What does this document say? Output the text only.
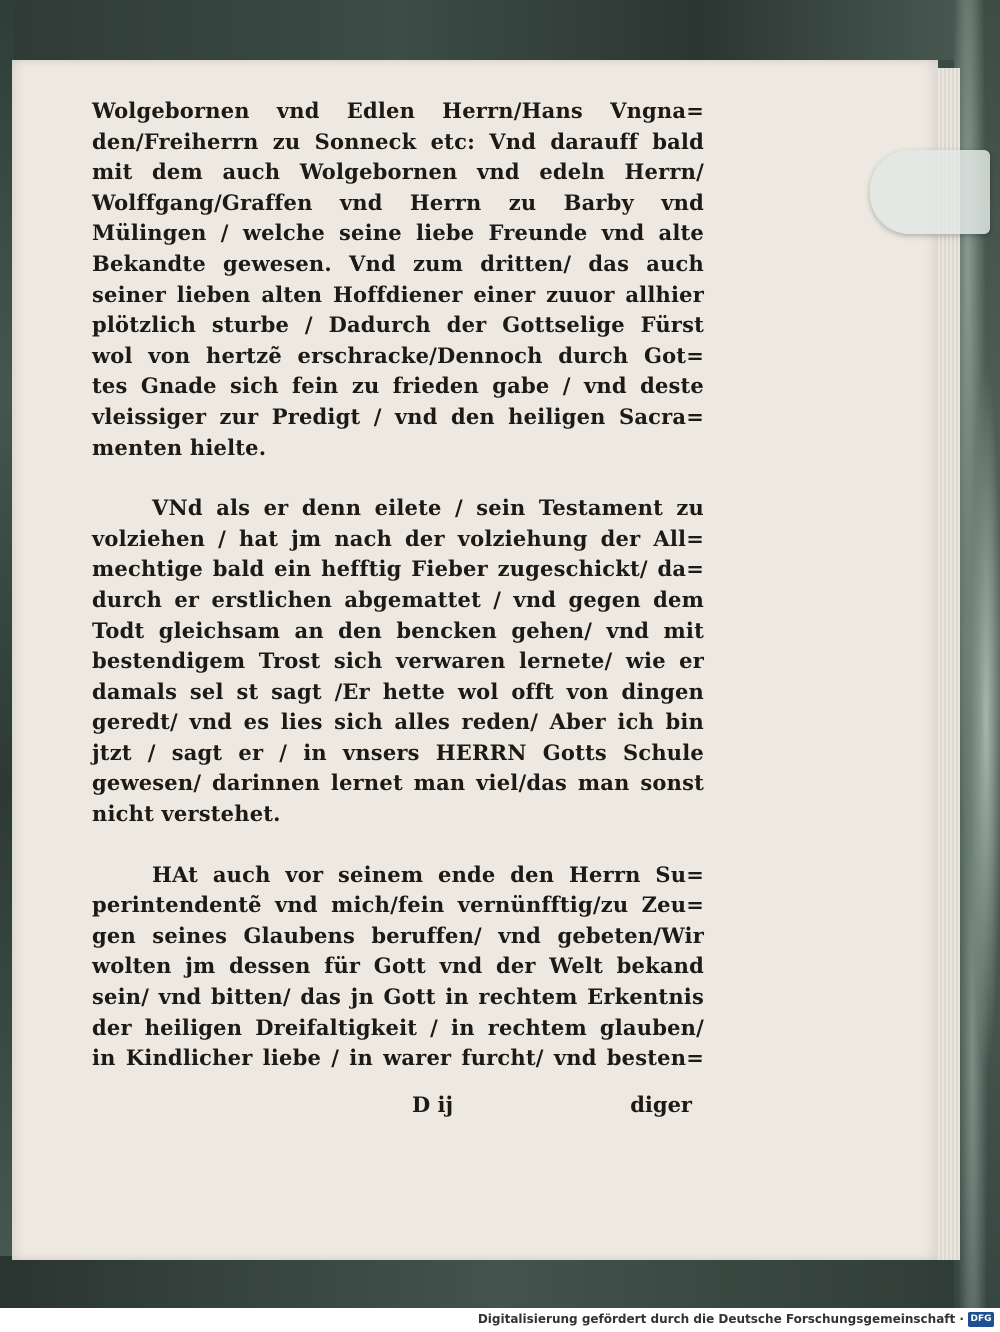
Wolgebornen vnd Edlen Herrn/Hans Vngna=
den/Freiherrn zu Sonneck etc: Vnd darauff bald
mit dem auch Wolgebornen vnd edeln Herrn/
Wolffgang/Graffen vnd Herrn zu Barby vnd
Mülingen / welche seine liebe Freunde vnd alte
Bekandte gewesen. Vnd zum dritten/ das auch
seiner lieben alten Hoffdiener einer zuuor allhier
plötzlich sturbe / Dadurch der Gottselige Fürst
wol von hertzẽ erschracke/Dennoch durch Got=
tes Gnade sich fein zu frieden gabe / vnd deste
vleissiger zur Predigt / vnd den heiligen Sacra=
menten hielte.
VNd als er denn eilete / sein Testament zu
volziehen / hat jm nach der volziehung der All=
mechtige bald ein hefftig Fieber zugeschickt/ da=
durch er erstlichen abgemattet / vnd gegen dem
Todt gleichsam an den bencken gehen/ vnd mit
bestendigem Trost sich verwaren lernete/ wie er
damals sel st sagt /Er hette wol offt von dingen
geredt/ vnd es lies sich alles reden/ Aber ich bin
jtzt / sagt er / in vnsers HERRN Gotts Schule
gewesen/ darinnen lernet man viel/das man sonst
nicht verstehet.
HAt auch vor seinem ende den Herrn Su=
perintendentẽ vnd mich/fein vernünfftig/zu Zeu=
gen seines Glaubens beruffen/ vnd gebeten/Wir
wolten jm dessen für Gott vnd der Welt bekand
sein/ vnd bitten/ das jn Gott in rechtem Erkentnis
der heiligen Dreifaltigkeit / in rechtem glauben/
in Kindlicher liebe / in warer furcht/ vnd besten=
D ij	diger
Digitalisierung gefördert durch die Deutsche Forschungsgemeinschaft · DFG
